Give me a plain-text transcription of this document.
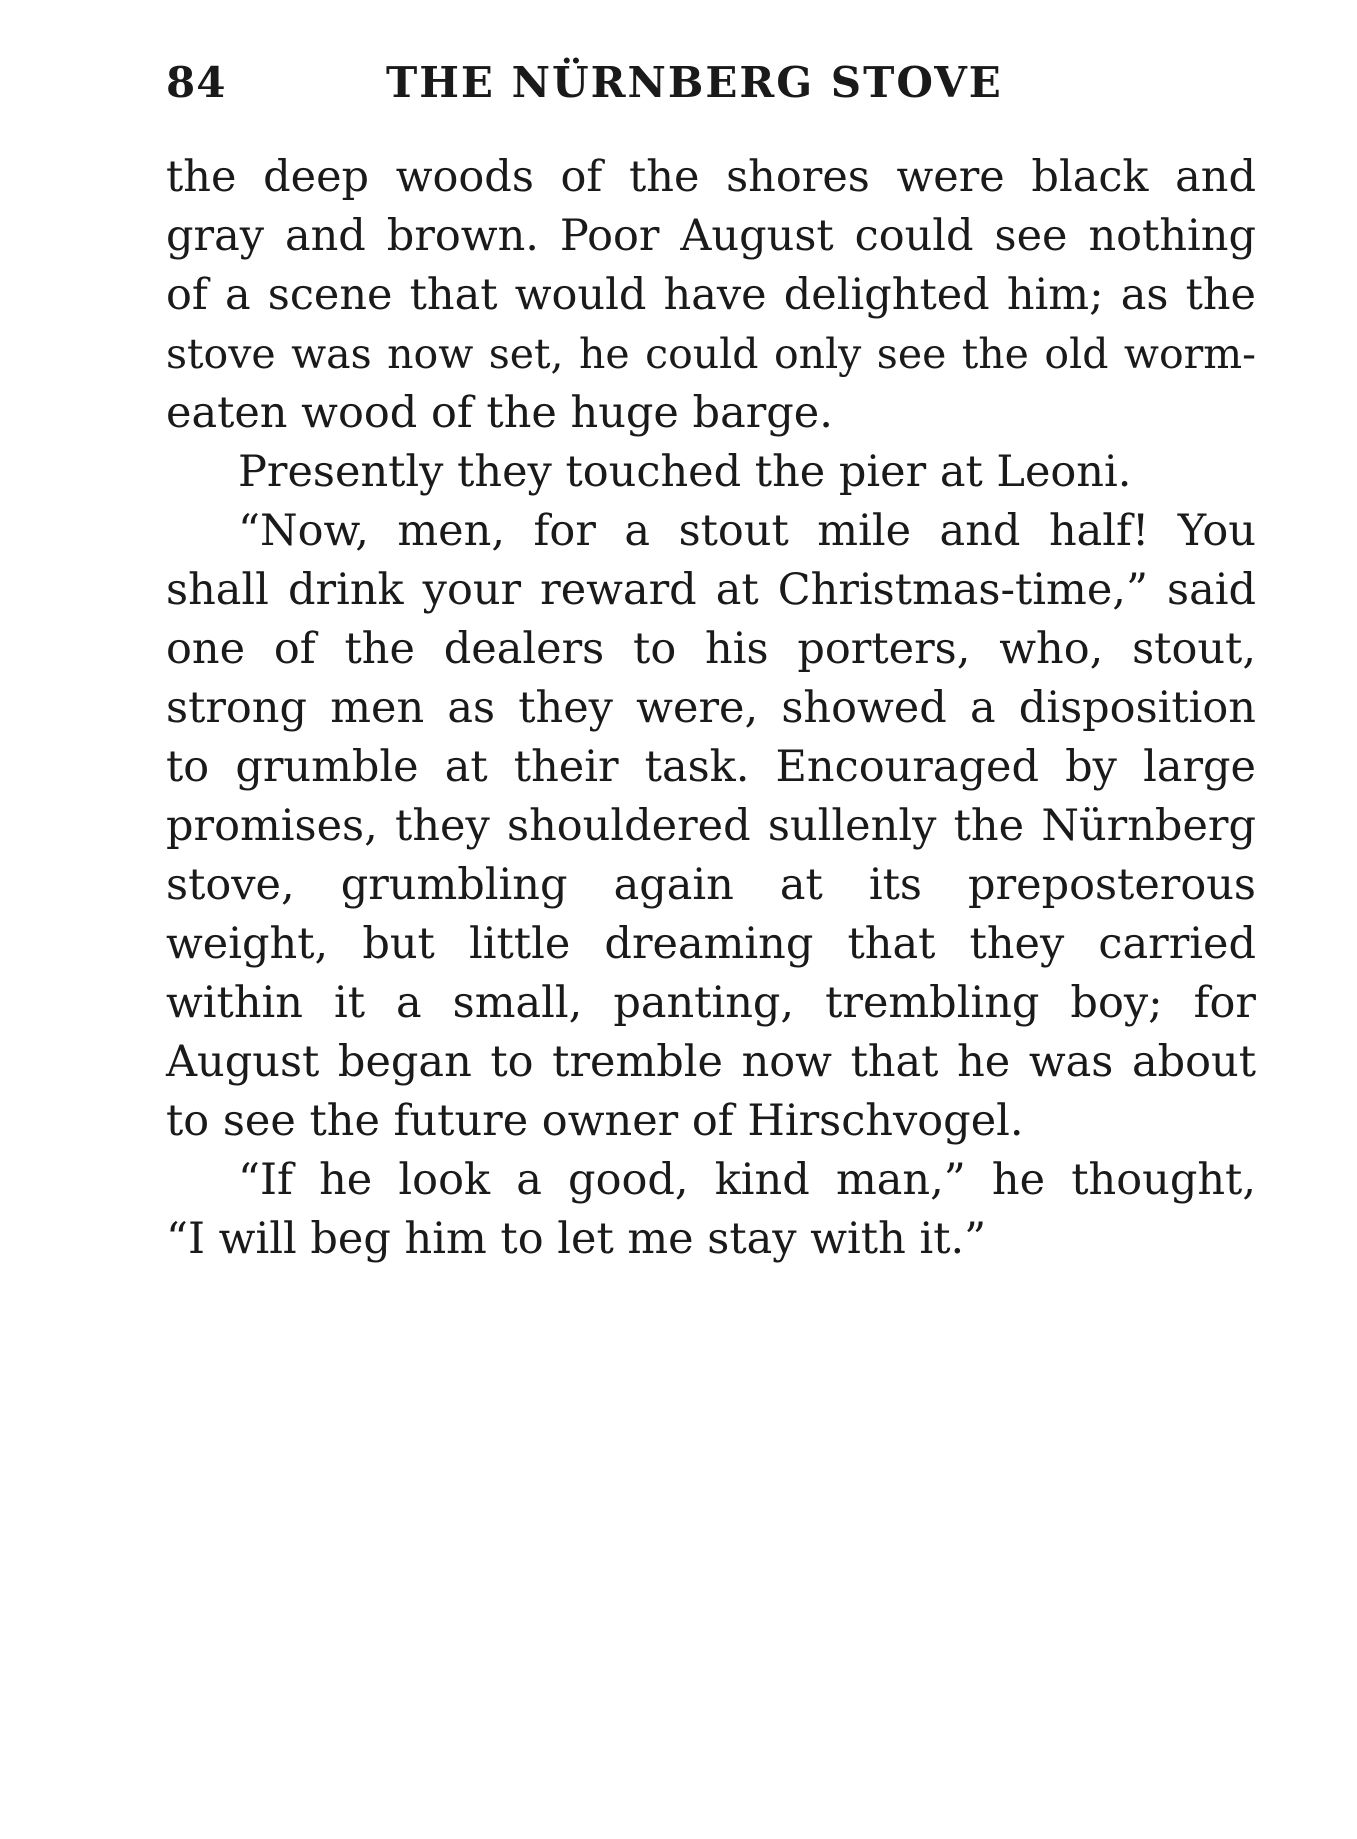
84	THE NÜRNBERG STOVE
the deep woods of the shores were black and
gray and brown. Poor August could see nothing
of a scene that would have delighted him; as the
stove was now set, he could only see the old worm-
eaten wood of the huge barge.
Presently they touched the pier at Leoni.
“Now, men, for a stout mile and half! You
shall drink your reward at Christmas-time,” said
one of the dealers to his porters, who, stout,
strong men as they were, showed a disposition
to grumble at their task. Encouraged by large
promises, they shouldered sullenly the Nürnberg
stove, grumbling again at its preposterous
weight, but little dreaming that they carried
within it a small, panting, trembling boy; for
August began to tremble now that he was about
to see the future owner of Hirschvogel.
“If he look a good, kind man,” he thought,
“I will beg him to let me stay with it.”
